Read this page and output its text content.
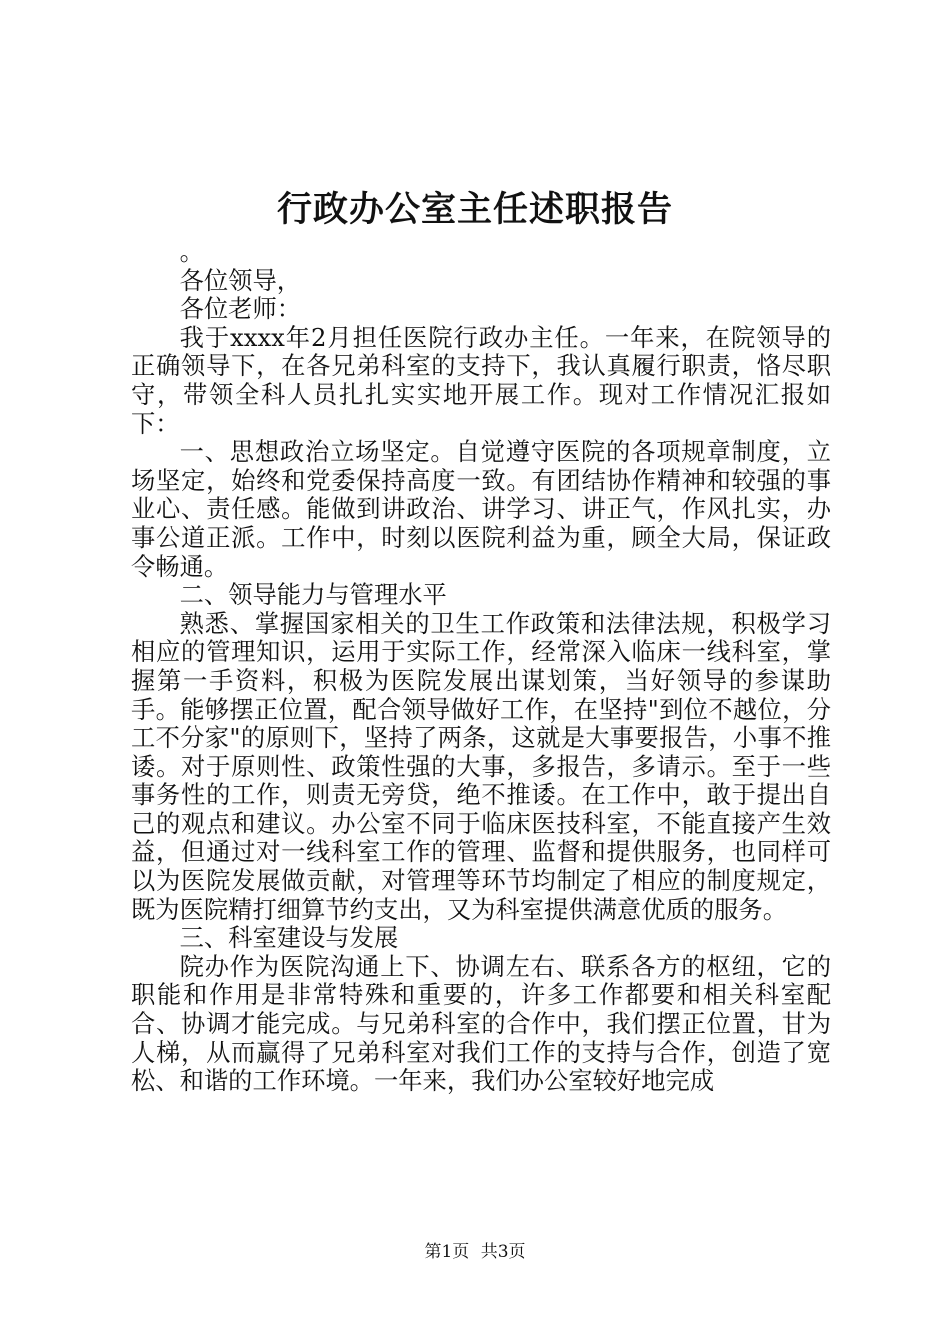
行政办公室主任述职报告

。

各位领导，

各位老师：

我于xxxx年2月担任医院行政办主任。一年来，在院领导的正确领导下，在各兄弟科室的支持下，我认真履行职责，恪尽职守，带领全科人员扎扎实实地开展工作。现对工作情况汇报如下：

一、思想政治立场坚定。自觉遵守医院的各项规章制度，立场坚定，始终和党委保持高度一致。有团结协作精神和较强的事业心、责任感。能做到讲政治、讲学习、讲正气，作风扎实，办事公道正派。工作中，时刻以医院利益为重，顾全大局，保证政令畅通。

二、领导能力与管理水平

熟悉、掌握国家相关的卫生工作政策和法律法规，积极学习相应的管理知识，运用于实际工作，经常深入临床一线科室，掌握第一手资料，积极为医院发展出谋划策，当好领导的参谋助手。能够摆正位置，配合领导做好工作，在坚持"到位不越位，分工不分家"的原则下，坚持了两条，这就是大事要报告，小事不推诿。对于原则性、政策性强的大事，多报告，多请示。至于一些事务性的工作，则责无旁贷，绝不推诿。在工作中，敢于提出自己的观点和建议。办公室不同于临床医技科室，不能直接产生效益，但通过对一线科室工作的管理、监督和提供服务，也同样可以为医院发展做贡献，对管理等环节均制定了相应的制度规定，既为医院精打细算节约支出，又为科室提供满意优质的服务。

三、科室建设与发展

院办作为医院沟通上下、协调左右、联系各方的枢纽，它的职能和作用是非常特殊和重要的，许多工作都要和相关科室配合、协调才能完成。与兄弟科室的合作中，我们摆正位置，甘为人梯，从而赢得了兄弟科室对我们工作的支持与合作，创造了宽松、和谐的工作环境。一年来，我们办公室较好地完成

第1页 共3页
